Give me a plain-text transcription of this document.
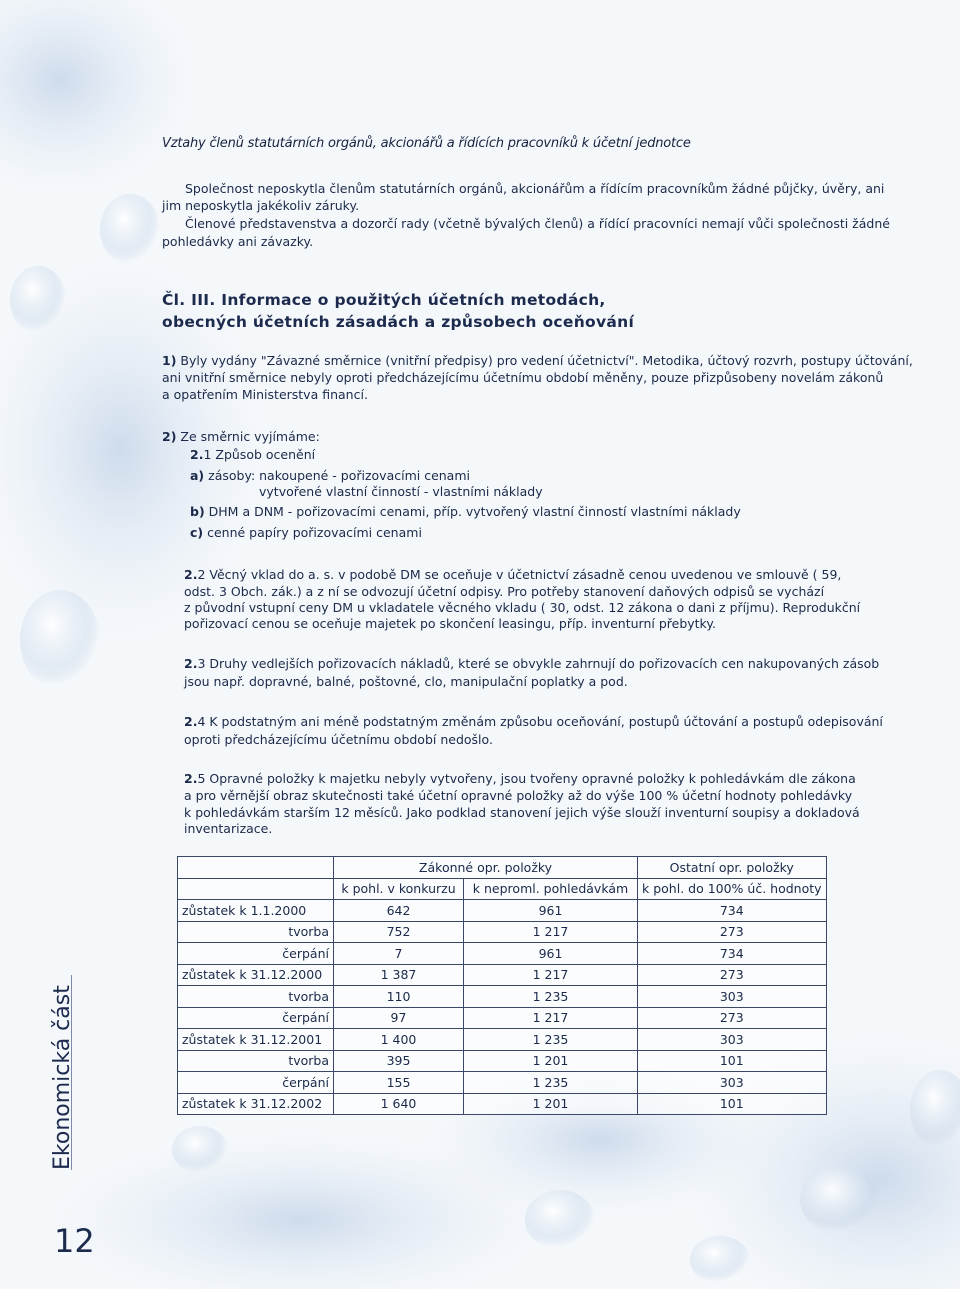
Vztahy členů statutárních orgánů, akcionářů a řídících pracovníků k účetní jednotce
Společnost neposkytla členům statutárních orgánů, akcionářům a řídícím pracovníkům žádné půjčky, úvěry, ani
jim neposkytla jakékoliv záruky.
Členové představenstva a dozorčí rady (včetně bývalých členů) a řídící pracovníci nemají vůči společnosti žádné
pohledávky ani závazky.
Čl. III. Informace o použitých účetních metodách,
obecných účetních zásadách a způsobech oceňování
1) Byly vydány "Závazné směrnice (vnitřní předpisy) pro vedení účetnictví". Metodika, účtový rozvrh, postupy účtování,
ani vnitřní směrnice nebyly oproti předcházejícímu účetnímu období měněny, pouze přizpůsobeny novelám zákonů
a opatřením Ministerstva financí.
2) Ze směrnic vyjímáme:
2.1 Způsob ocenění
a) zásoby: nakoupené - pořizovacími cenami
vytvořené vlastní činností - vlastními náklady
b) DHM a DNM - pořizovacími cenami, příp. vytvořený vlastní činností vlastními náklady
c) cenné papíry pořizovacími cenami
2.2 Věcný vklad do a. s. v podobě DM se oceňuje v účetnictví zásadně cenou uvedenou ve smlouvě ( 59,
odst. 3 Obch. zák.) a z ní se odvozují účetní odpisy. Pro potřeby stanovení daňových odpisů se vychází
z původní vstupní ceny DM u vkladatele věcného vkladu ( 30, odst. 12 zákona o dani z příjmu). Reprodukční
pořizovací cenou se oceňuje majetek po skončení leasingu, příp. inventurní přebytky.
2.3 Druhy vedlejších pořizovacích nákladů, které se obvykle zahrnují do pořizovacích cen nakupovaných zásob
jsou např. dopravné, balné, poštovné, clo, manipulační poplatky a pod.
2.4 K podstatným ani méně podstatným změnám způsobu oceňování, postupů účtování a postupů odepisování
oproti předcházejícímu účetnímu období nedošlo.
2.5 Opravné položky k majetku nebyly vytvořeny, jsou tvořeny opravné položky k pohledávkám dle zákona
a pro věrnější obraz skutečnosti také účetní opravné položky až do výše 100 % účetní hodnoty pohledávky
k pohledávkám starším 12 měsíců. Jako podklad stanovení jejich výše slouží inventurní soupisy a dokladová
inventarizace.
	Zákonné opr. položky		Ostatní opr. položky
	k pohl. v konkurzu	k neproml. pohledávkám	k pohl. do 100% úč. hodnoty
zůstatek k 1.1.2000	642	961	734
tvorba	752	1 217	273
čerpání	7	961	734
zůstatek k 31.12.2000	1 387	1 217	273
tvorba	110	1 235	303
čerpání	97	1 217	273
zůstatek k 31.12.2001	1 400	1 235	303
tvorba	395	1 201	101
čerpání	155	1 235	303
zůstatek k 31.12.2002	1 640	1 201	101
Ekonomická část
12
